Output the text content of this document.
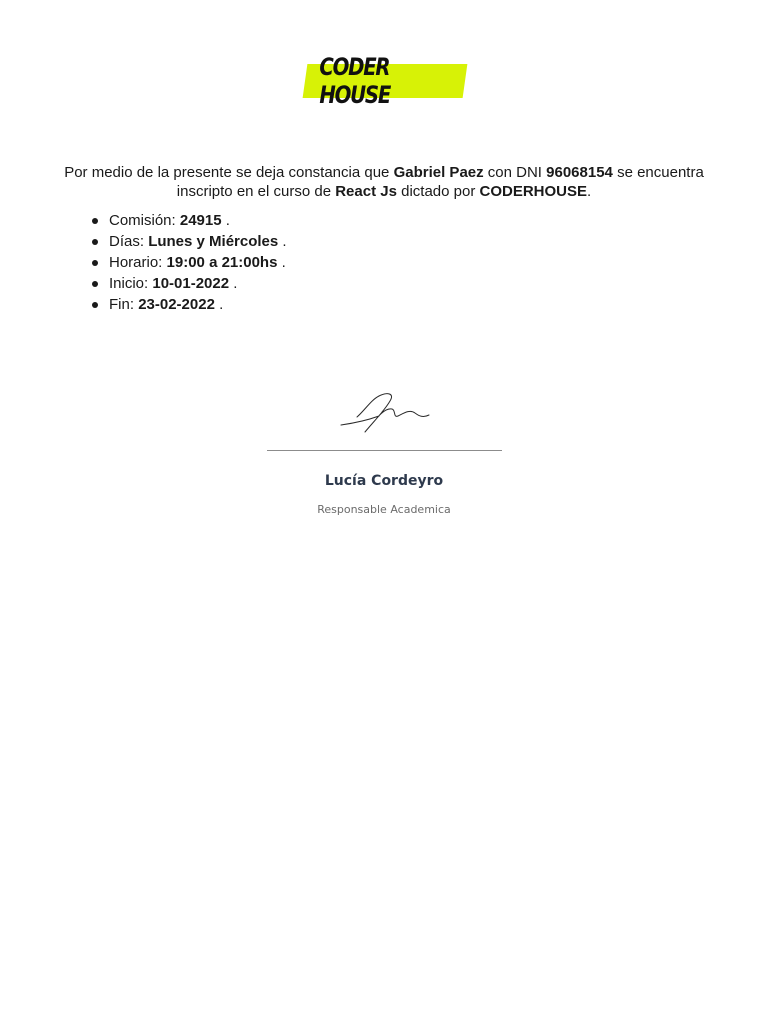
CODER HOUSE

Por medio de la presente se deja constancia que Gabriel Paez con DNI 96068154 se encuentra inscripto en el curso de React Js dictado por CODERHOUSE.

Comisión: 24915 .
Días: Lunes y Miércoles .
Horario: 19:00 a 21:00hs .
Inicio: 10-01-2022 .
Fin: 23-02-2022 .
Lucía Cordeyro
Responsable Academica
